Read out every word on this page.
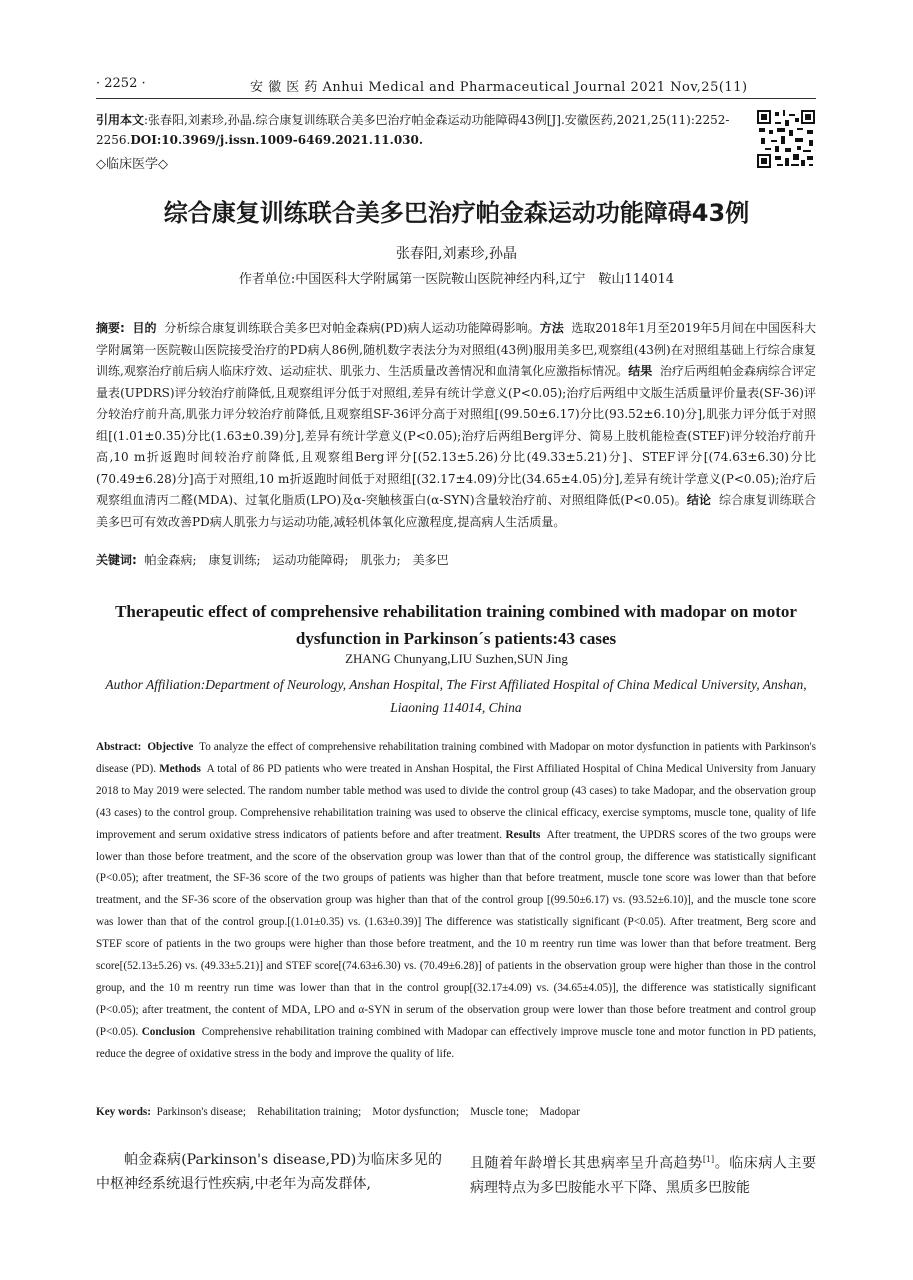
· 2252 ·	安 徽 医 药 Anhui Medical and Pharmaceutical Journal 2021 Nov,25(11)
引用本文:张春阳,刘素珍,孙晶.综合康复训练联合美多巴治疗帕金森运动功能障碍43例[J].安徽医药,2021,25(11):2252-2256.DOI:10.3969/j.issn.1009-6469.2021.11.030.
◇临床医学◇
综合康复训练联合美多巴治疗帕金森运动功能障碍43例
张春阳,刘素珍,孙晶
作者单位:中国医科大学附属第一医院鞍山医院神经内科,辽宁　鞍山114014
摘要: 目的 分析综合康复训练联合美多巴对帕金森病(PD)病人运动功能障碍影响。方法 选取2018年1月至2019年5月间在中国医科大学附属第一医院鞍山医院接受治疗的PD病人86例,随机数字表法分为对照组(43例)服用美多巴,观察组(43例)在对照组基础上行综合康复训练,观察治疗前后病人临床疗效、运动症状、肌张力、生活质量改善情况和血清氧化应激指标情况。结果 治疗后两组帕金森病综合评定量表(UPDRS)评分较治疗前降低,且观察组评分低于对照组,差异有统计学意义(P<0.05);治疗后两组中文版生活质量评价量表(SF-36)评分较治疗前升高,肌张力评分较治疗前降低,且观察组SF-36评分高于对照组[(99.50±6.17)分比(93.52±6.10)分],肌张力评分低于对照组[(1.01±0.35)分比(1.63±0.39)分],差异有统计学意义(P<0.05);治疗后两组Berg评分、简易上肢机能检查(STEF)评分较治疗前升高,10 m折返跑时间较治疗前降低,且观察组Berg评分[(52.13±5.26)分比(49.33±5.21)分]、STEF评分[(74.63±6.30)分比(70.49±6.28)分]高于对照组,10 m折返跑时间低于对照组[(32.17±4.09)分比(34.65±4.05)分],差异有统计学意义(P<0.05);治疗后观察组血清丙二醛(MDA)、过氧化脂质(LPO)及α-突触核蛋白(α-SYN)含量较治疗前、对照组降低(P<0.05)。结论 综合康复训练联合美多巴可有效改善PD病人肌张力与运动功能,减轻机体氧化应激程度,提高病人生活质量。
关键词: 帕金森病;　康复训练;　运动功能障碍;　肌张力;　美多巴
Therapeutic effect of comprehensive rehabilitation training combined with madopar on motor dysfunction in Parkinson´s patients:43 cases
ZHANG Chunyang,LIU Suzhen,SUN Jing
Author Affiliation:Department of Neurology, Anshan Hospital, The First Affiliated Hospital of China Medical University, Anshan, Liaoning 114014, China
Abstract: Objective To analyze the effect of comprehensive rehabilitation training combined with Madopar on motor dysfunction in patients with Parkinson's disease (PD). Methods A total of 86 PD patients who were treated in Anshan Hospital, the First Affiliated Hospital of China Medical University from January 2018 to May 2019 were selected. The random number table method was used to divide the control group (43 cases) to take Madopar, and the observation group (43 cases) to the control group. Comprehensive rehabilitation training was used to observe the clinical efficacy, exercise symptoms, muscle tone, quality of life improvement and serum oxidative stress indicators of patients before and after treatment. Results After treatment, the UPDRS scores of the two groups were lower than those before treatment, and the score of the observation group was lower than that of the control group, the difference was statistically significant (P<0.05); after treatment, the SF-36 score of the two groups of patients was higher than that before treatment, muscle tone score was lower than that before treatment, and the SF-36 score of the observation group was higher than that of the control group [(99.50±6.17) vs. (93.52±6.10)], and the muscle tone score was lower than that of the control group.[(1.01±0.35) vs. (1.63±0.39)] The difference was statistically significant (P<0.05). After treatment, Berg score and STEF score of patients in the two groups were higher than those before treatment, and the 10 m reentry run time was lower than that before treatment. Berg score[(52.13±5.26) vs. (49.33±5.21)] and STEF score[(74.63±6.30) vs. (70.49±6.28)] of patients in the observation group were higher than those in the control group, and the 10 m reentry run time was lower than that in the control group[(32.17±4.09) vs. (34.65±4.05)], the difference was statistically significant (P<0.05); after treatment, the content of MDA, LPO and α-SYN in serum of the observation group were lower than those before treatment and control group (P<0.05). Conclusion Comprehensive rehabilitation training combined with Madopar can effectively improve muscle tone and motor function in PD patients, reduce the degree of oxidative stress in the body and improve the quality of life.
Key words: Parkinson's disease;　Rehabilitation training;　Motor dysfunction;　Muscle tone;　Madopar
帕金森病(Parkinson's disease,PD)为临床多见的中枢神经系统退行性疾病,中老年为高发群体,
且随着年龄增长其患病率呈升高趋势[1]。临床病人主要病理特点为多巴胺能水平下降、黑质多巴胺能
